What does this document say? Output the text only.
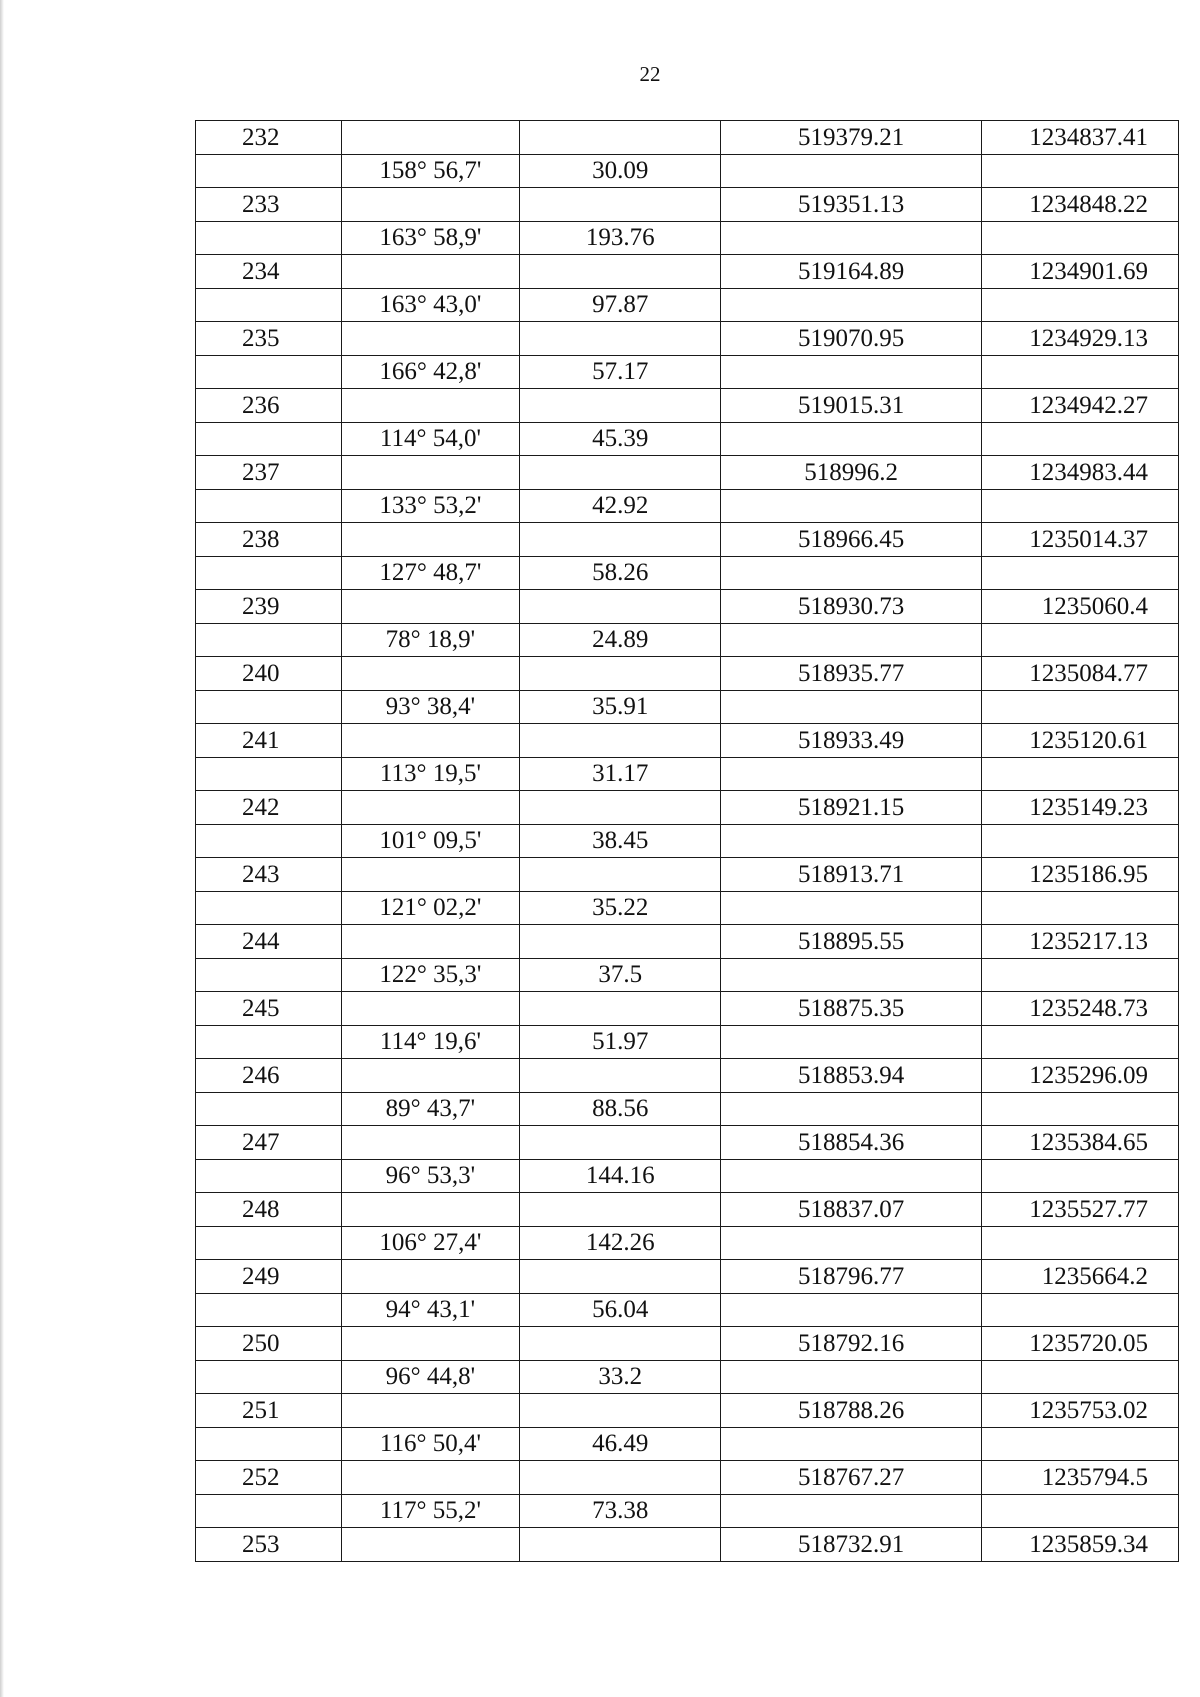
22
232			519379.21	1234837.41
	158° 56,7'	30.09		
233			519351.13	1234848.22
	163° 58,9'	193.76		
234			519164.89	1234901.69
	163° 43,0'	97.87		
235			519070.95	1234929.13
	166° 42,8'	57.17		
236			519015.31	1234942.27
	114° 54,0'	45.39		
237			518996.2	1234983.44
	133° 53,2'	42.92		
238			518966.45	1235014.37
	127° 48,7'	58.26		
239			518930.73	1235060.4
	78° 18,9'	24.89		
240			518935.77	1235084.77
	93° 38,4'	35.91		
241			518933.49	1235120.61
	113° 19,5'	31.17		
242			518921.15	1235149.23
	101° 09,5'	38.45		
243			518913.71	1235186.95
	121° 02,2'	35.22		
244			518895.55	1235217.13
	122° 35,3'	37.5		
245			518875.35	1235248.73
	114° 19,6'	51.97		
246			518853.94	1235296.09
	89° 43,7'	88.56		
247			518854.36	1235384.65
	96° 53,3'	144.16		
248			518837.07	1235527.77
	106° 27,4'	142.26		
249			518796.77	1235664.2
	94° 43,1'	56.04		
250			518792.16	1235720.05
	96° 44,8'	33.2		
251			518788.26	1235753.02
	116° 50,4'	46.49		
252			518767.27	1235794.5
	117° 55,2'	73.38		
253			518732.91	1235859.34
